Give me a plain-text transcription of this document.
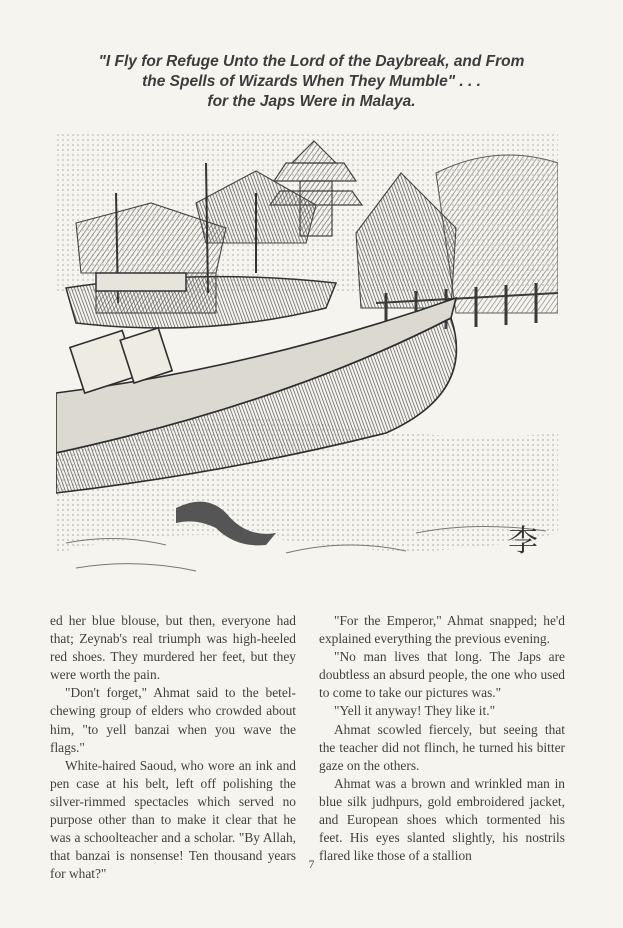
"I Fly for Refuge Unto the Lord of the Daybreak, and From
the Spells of Wizards When They Mumble" . . .
for the Japs Were in Malaya.
李

ed her blue blouse, but then, everyone had that; Zeynab's real triumph was high-heeled red shoes. They murdered her feet, but they were worth the pain.

"Don't forget," Ahmat said to the betel-chewing group of elders who crowded about him, "to yell banzai when you wave the flags."

White-haired Saoud, who wore an ink and pen case at his belt, left off polishing the silver-rimmed spectacles which served no purpose other than to make it clear that he was a schoolteacher and a scholar. "By Allah, that banzai is nonsense! Ten thousand years for what?"

"For the Emperor," Ahmat snapped; he'd explained everything the previous evening.

"No man lives that long. The Japs are doubtless an absurd people, the one who used to come to take our pictures was."

"Yell it anyway! They like it."

Ahmat scowled fiercely, but seeing that the teacher did not flinch, he turned his bitter gaze on the others.

Ahmat was a brown and wrinkled man in blue silk judhpurs, gold embroidered jacket, and European shoes which tormented his feet. His eyes slanted slightly, his nostrils flared like those of a stallion

7
